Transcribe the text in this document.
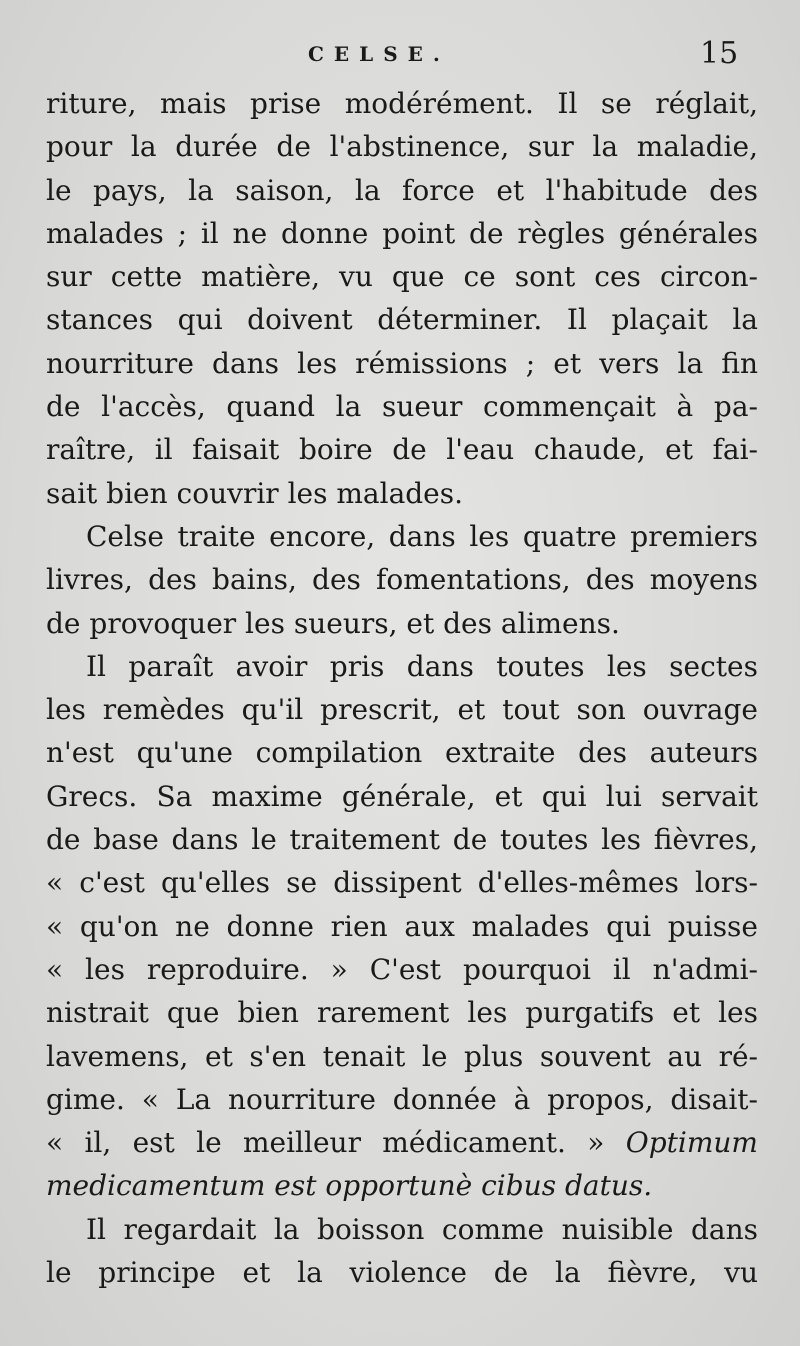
CELSE.	15
riture, mais prise modérément. Il se réglait,
pour la durée de l'abstinence, sur la maladie,
le pays, la saison, la force et l'habitude des
malades ; il ne donne point de règles générales
sur cette matière, vu que ce sont ces circon-
stances qui doivent déterminer. Il plaçait la
nourriture dans les rémissions ; et vers la fin
de l'accès, quand la sueur commençait à pa-
raître, il faisait boire de l'eau chaude, et fai-
sait bien couvrir les malades.
Celse traite encore, dans les quatre premiers
livres, des bains, des fomentations, des moyens
de provoquer les sueurs, et des alimens.
Il paraît avoir pris dans toutes les sectes
les remèdes qu'il prescrit, et tout son ouvrage
n'est qu'une compilation extraite des auteurs
Grecs. Sa maxime générale, et qui lui servait
de base dans le traitement de toutes les fièvres,
« c'est qu'elles se dissipent d'elles-mêmes lors-
« qu'on ne donne rien aux malades qui puisse
« les reproduire. » C'est pourquoi il n'admi-
nistrait que bien rarement les purgatifs et les
lavemens, et s'en tenait le plus souvent au ré-
gime. « La nourriture donnée à propos, disait-
« il, est le meilleur médicament. » Optimum
medicamentum est opportunè cibus datus.
Il regardait la boisson comme nuisible dans
le principe et la violence de la fièvre, vu
